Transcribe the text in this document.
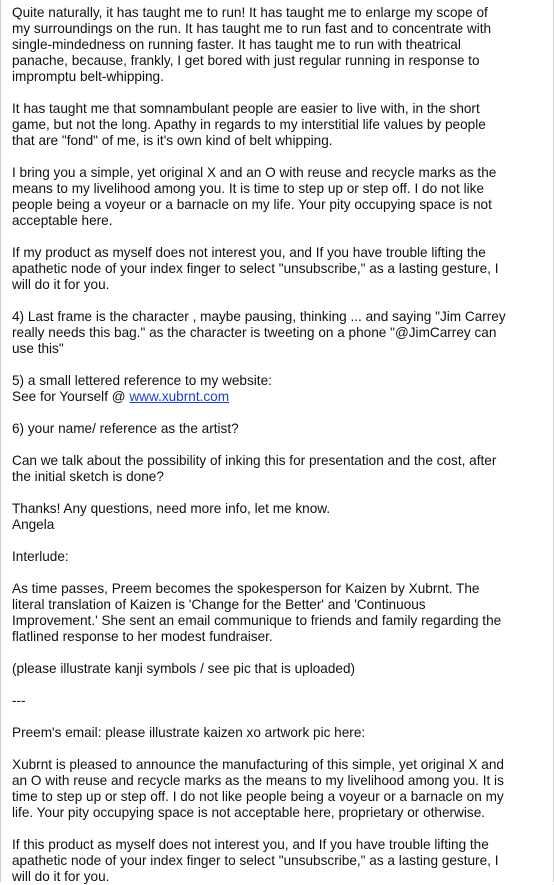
Quite naturally, it has taught me to run! It has taught me to enlarge my scope of
my surroundings on the run. It has taught me to run fast and to concentrate with
single-mindedness on running faster. It has taught me to run with theatrical
panache, because, frankly, I get bored with just regular running in response to
impromptu belt-whipping.
It has taught me that somnambulant people are easier to live with, in the short
game, but not the long. Apathy in regards to my interstitial life values by people
that are "fond" of me, is it's own kind of belt whipping.
I bring you a simple, yet original X and an O with reuse and recycle marks as the
means to my livelihood among you. It is time to step up or step off. I do not like
people being a voyeur or a barnacle on my life. Your pity occupying space is not
acceptable here.
If my product as myself does not interest you, and If you have trouble lifting the
apathetic node of your index finger to select "unsubscribe," as a lasting gesture, I
will do it for you.
4) Last frame is the character , maybe pausing, thinking ... and saying "Jim Carrey
really needs this bag." as the character is tweeting on a phone "@JimCarrey can
use this"
5) a small lettered reference to my website:
See for Yourself @ www.xubrnt.com
6) your name/ reference as the artist?
Can we talk about the possibility of inking this for presentation and the cost, after
the initial sketch is done?
Thanks! Any questions, need more info, let me know.
Angela
Interlude:
As time passes, Preem becomes the spokesperson for Kaizen by Xubrnt. The
literal translation of Kaizen is 'Change for the Better' and 'Continuous
Improvement.' She sent an email communique to friends and family regarding the
flatlined response to her modest fundraiser.
(please illustrate kanji symbols / see pic that is uploaded)
---
Preem's email: please illustrate kaizen xo artwork pic here:
Xubrnt is pleased to announce the manufacturing of this simple, yet original X and
an O with reuse and recycle marks as the means to my livelihood among you. It is
time to step up or step off. I do not like people being a voyeur or a barnacle on my
life. Your pity occupying space is not acceptable here, proprietary or otherwise.
If this product as myself does not interest you, and If you have trouble lifting the
apathetic node of your index finger to select "unsubscribe," as a lasting gesture, I
will do it for you.
